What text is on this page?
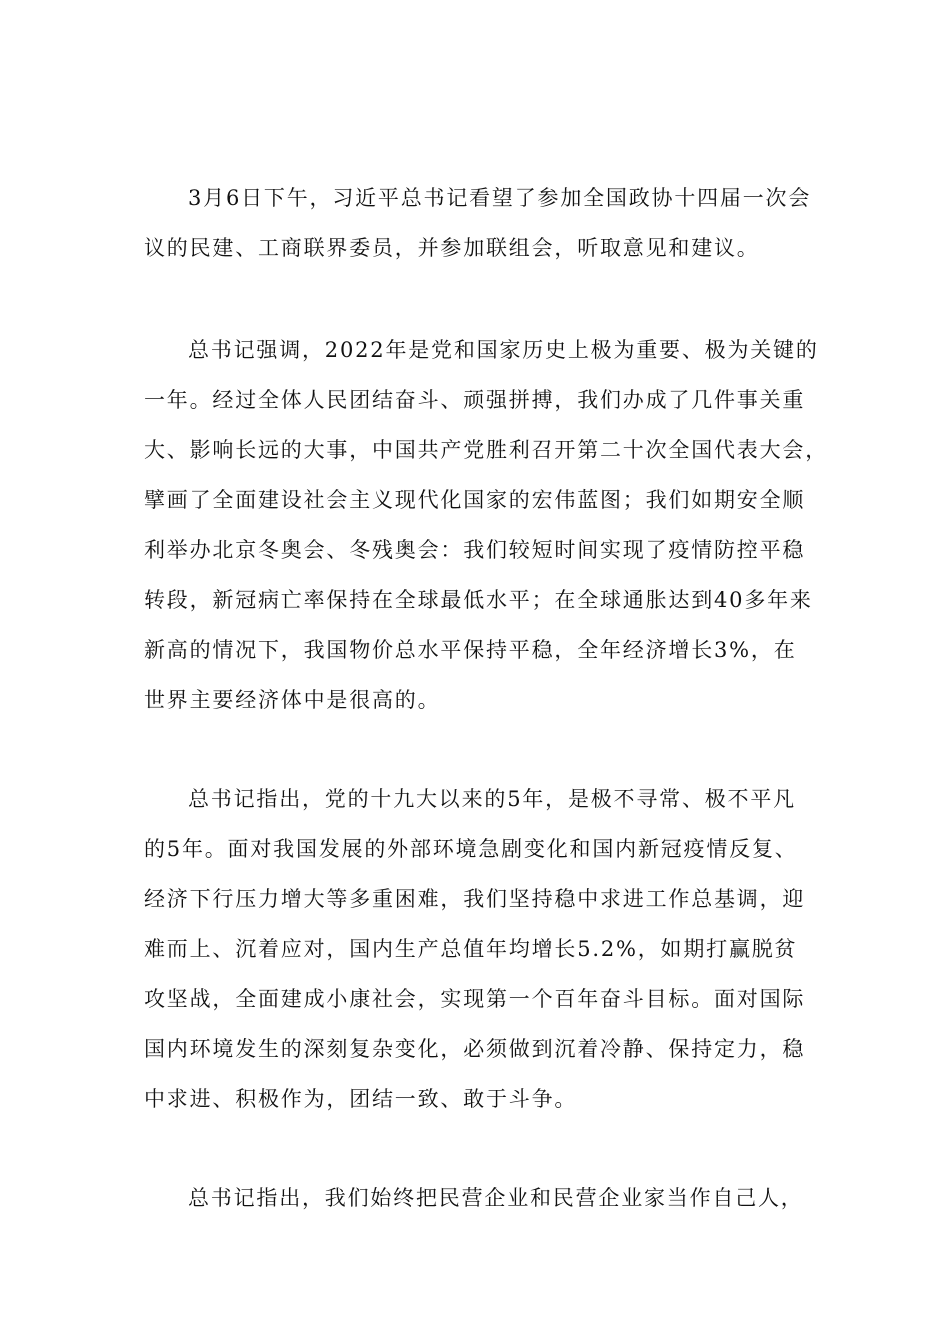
3月6日下午，习近平总书记看望了参加全国政协十四届一次会
议的民建、工商联界委员，并参加联组会，听取意见和建议。
总书记强调，2022年是党和国家历史上极为重要、极为关键的
一年。经过全体人民团结奋斗、顽强拼搏，我们办成了几件事关重
大、影响长远的大事，中国共产党胜利召开第二十次全国代表大会，
擘画了全面建设社会主义现代化国家的宏伟蓝图；我们如期安全顺
利举办北京冬奥会、冬残奥会：我们较短时间实现了疫情防控平稳
转段，新冠病亡率保持在全球最低水平；在全球通胀达到40多年来
新高的情况下，我国物价总水平保持平稳，全年经济增长3%，在
世界主要经济体中是很高的。
总书记指出，党的十九大以来的5年，是极不寻常、极不平凡
的5年。面对我国发展的外部环境急剧变化和国内新冠疫情反复、
经济下行压力增大等多重困难，我们坚持稳中求进工作总基调，迎
难而上、沉着应对，国内生产总值年均增长5.2%，如期打赢脱贫
攻坚战，全面建成小康社会，实现第一个百年奋斗目标。面对国际
国内环境发生的深刻复杂变化，必须做到沉着冷静、保持定力，稳
中求进、积极作为，团结一致、敢于斗争。
总书记指出，我们始终把民营企业和民营企业家当作自己人，
